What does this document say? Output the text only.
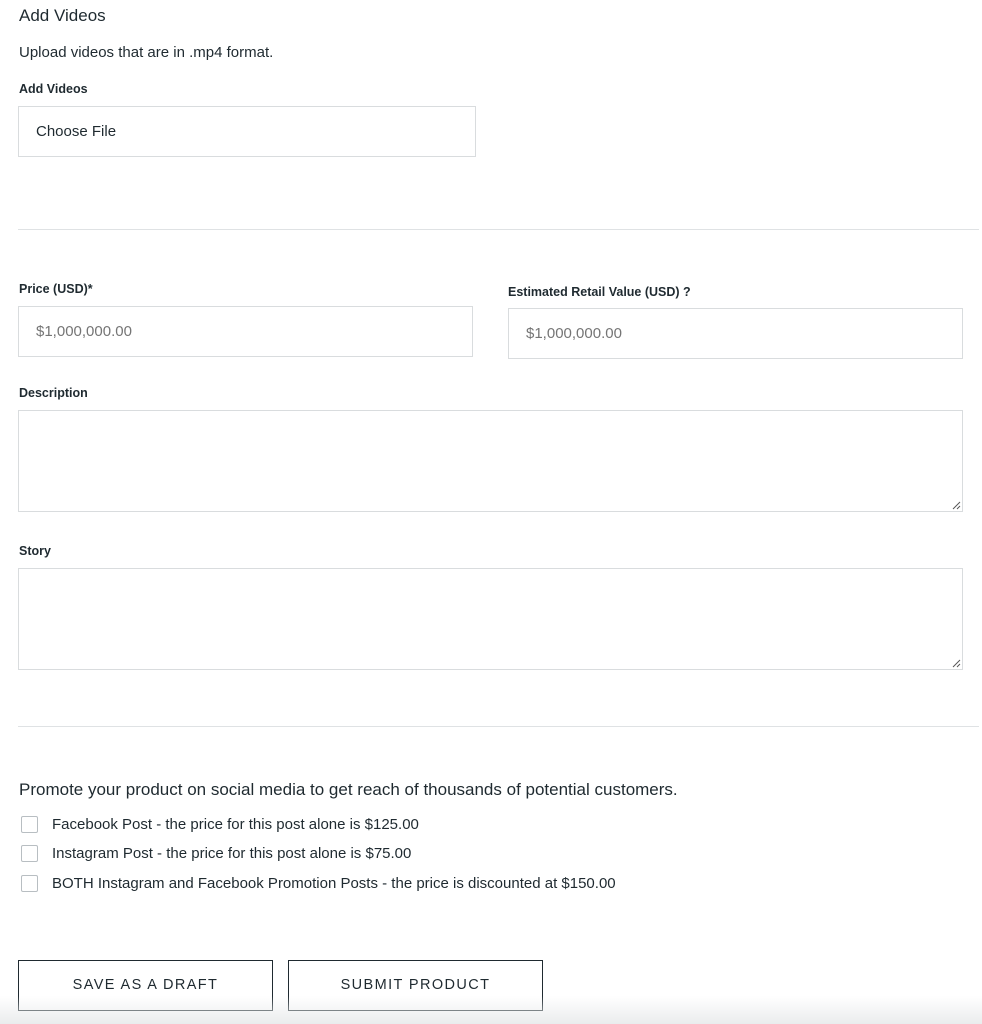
Add Videos
Upload videos that are in .mp4 format.
Add Videos
Choose File
Price (USD)*
$1,000,000.00	Estimated Retail Value (USD) ?
$1,000,000.00
Description
Story
Promote your product on social media to get reach of thousands of potential customers.
Facebook Post - the price for this post alone is $125.00
Instagram Post - the price for this post alone is $75.00
BOTH Instagram and Facebook Promotion Posts - the price is discounted at $150.00
SAVE AS A DRAFT	SUBMIT PRODUCT
